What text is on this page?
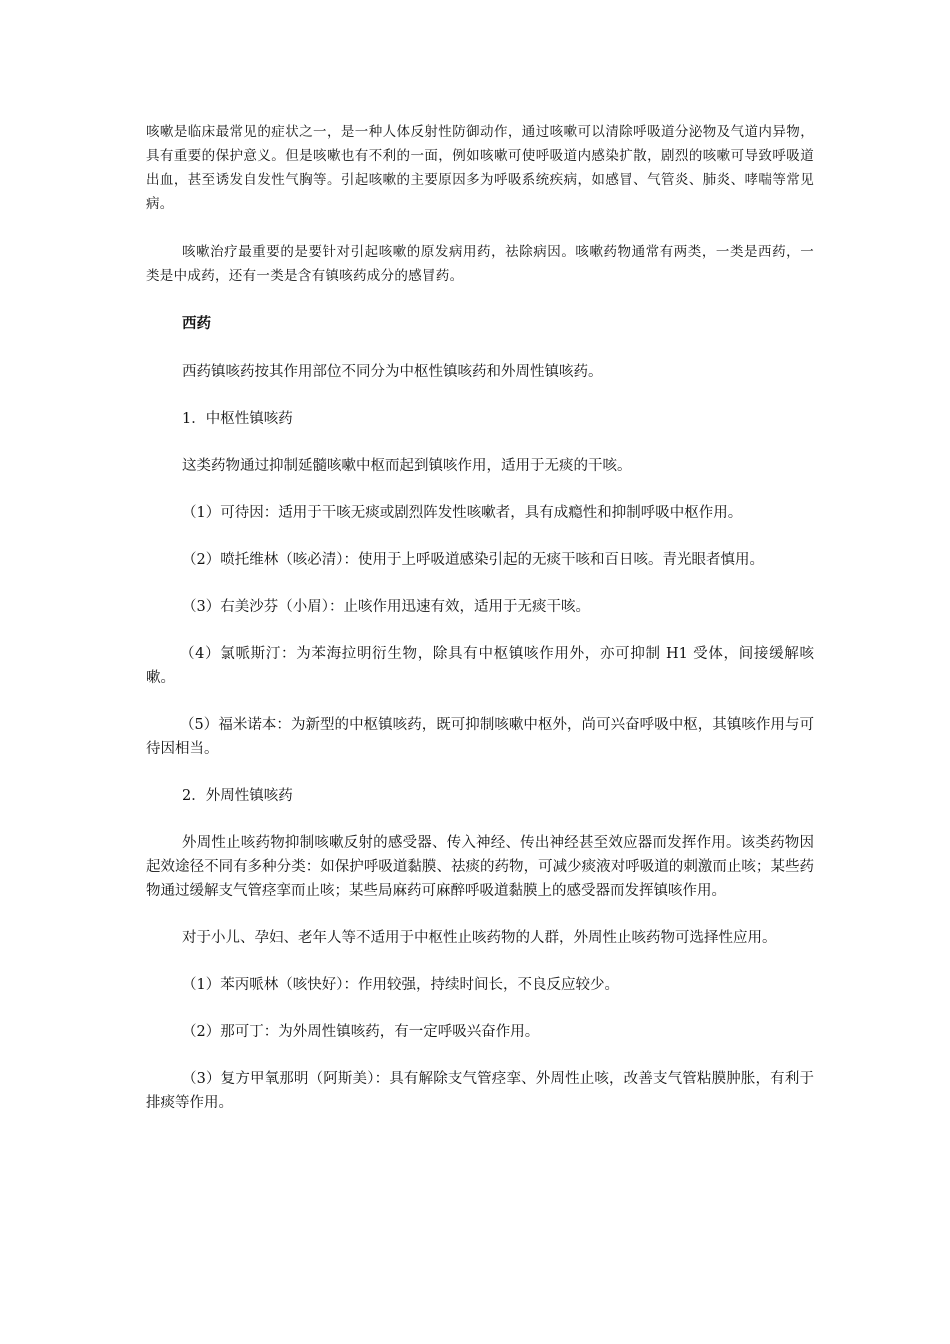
咳嗽是临床最常见的症状之一，是一种人体反射性防御动作，通过咳嗽可以清除呼吸道分泌物及气道内异物，具有重要的保护意义。但是咳嗽也有不利的一面，例如咳嗽可使呼吸道内感染扩散，剧烈的咳嗽可导致呼吸道出血，甚至诱发自发性气胸等。引起咳嗽的主要原因多为呼吸系统疾病，如感冒、气管炎、肺炎、哮喘等常见病。

咳嗽治疗最重要的是要针对引起咳嗽的原发病用药，祛除病因。咳嗽药物通常有两类，一类是西药，一类是中成药，还有一类是含有镇咳药成分的感冒药。

西药

西药镇咳药按其作用部位不同分为中枢性镇咳药和外周性镇咳药。

1．中枢性镇咳药

这类药物通过抑制延髓咳嗽中枢而起到镇咳作用，适用于无痰的干咳。

（1）可待因：适用于干咳无痰或剧烈阵发性咳嗽者，具有成瘾性和抑制呼吸中枢作用。

（2）喷托维林（咳必清）：使用于上呼吸道感染引起的无痰干咳和百日咳。青光眼者慎用。

（3）右美沙芬（小眉）：止咳作用迅速有效，适用于无痰干咳。

（4）氯哌斯汀：为苯海拉明衍生物，除具有中枢镇咳作用外，亦可抑制 H1 受体，间接缓解咳嗽。

（5）福米诺本：为新型的中枢镇咳药，既可抑制咳嗽中枢外，尚可兴奋呼吸中枢，其镇咳作用与可待因相当。

2．外周性镇咳药

外周性止咳药物抑制咳嗽反射的感受器、传入神经、传出神经甚至效应器而发挥作用。该类药物因起效途径不同有多种分类：如保护呼吸道黏膜、祛痰的药物，可减少痰液对呼吸道的刺激而止咳；某些药物通过缓解支气管痉挛而止咳；某些局麻药可麻醉呼吸道黏膜上的感受器而发挥镇咳作用。

对于小儿、孕妇、老年人等不适用于中枢性止咳药物的人群，外周性止咳药物可选择性应用。

（1）苯丙哌林（咳快好）：作用较强，持续时间长，不良反应较少。

（2）那可丁：为外周性镇咳药，有一定呼吸兴奋作用。

（3）复方甲氧那明（阿斯美）：具有解除支气管痉挛、外周性止咳，改善支气管粘膜肿胀，有利于排痰等作用。
